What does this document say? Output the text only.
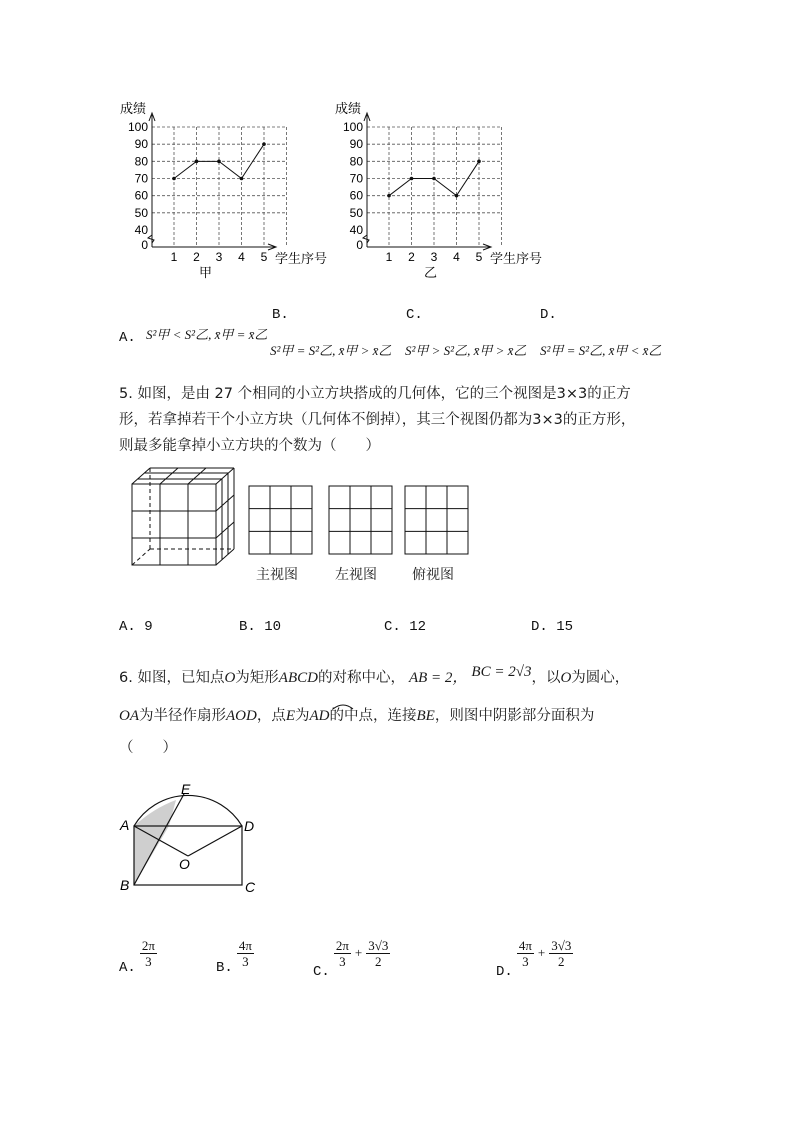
成绩
0
40
50
60
70
80
90
100
1 2 3 4 5 学生序号
甲
成绩
0
40
50
60
70
80
90
100
1 2 3 4 5 学生序号
乙
A. S²甲 < S²乙, x̄甲 = x̄乙
B.
S²甲 = S²乙, x̄甲 > x̄乙
C.
S²甲 > S²乙, x̄甲 > x̄乙
D.
S²甲 = S²乙, x̄甲 < x̄乙
5. 如图，是由 27 个相同的小立方块搭成的几何体，它的三个视图是3×3的正方
形，若拿掉若干个小立方块（几何体不倒掉），其三个视图仍都为3×3的正方形，
则最多能拿掉小立方块的个数为（　　）
主视图	左视图	俯视图
A. 9	B. 10	C. 12	D. 15
6. 如图，已知点O为矩形ABCD的对称中心， AB = 2， BC = 2√3，以O为圆心，
OA为半径作扇形AOD，点E为AD的中点，连接BE，则图中阴影部分面积为
（　　）
A
B	C
D
E
O
A. $\frac{2\pi}{3}$	B. $\frac{4\pi}{3}$
C.
$\frac{2\pi}{3} + \frac{3√3}{2}$
D.
$\frac{4\pi}{3} + \frac{3√3}{2}$
